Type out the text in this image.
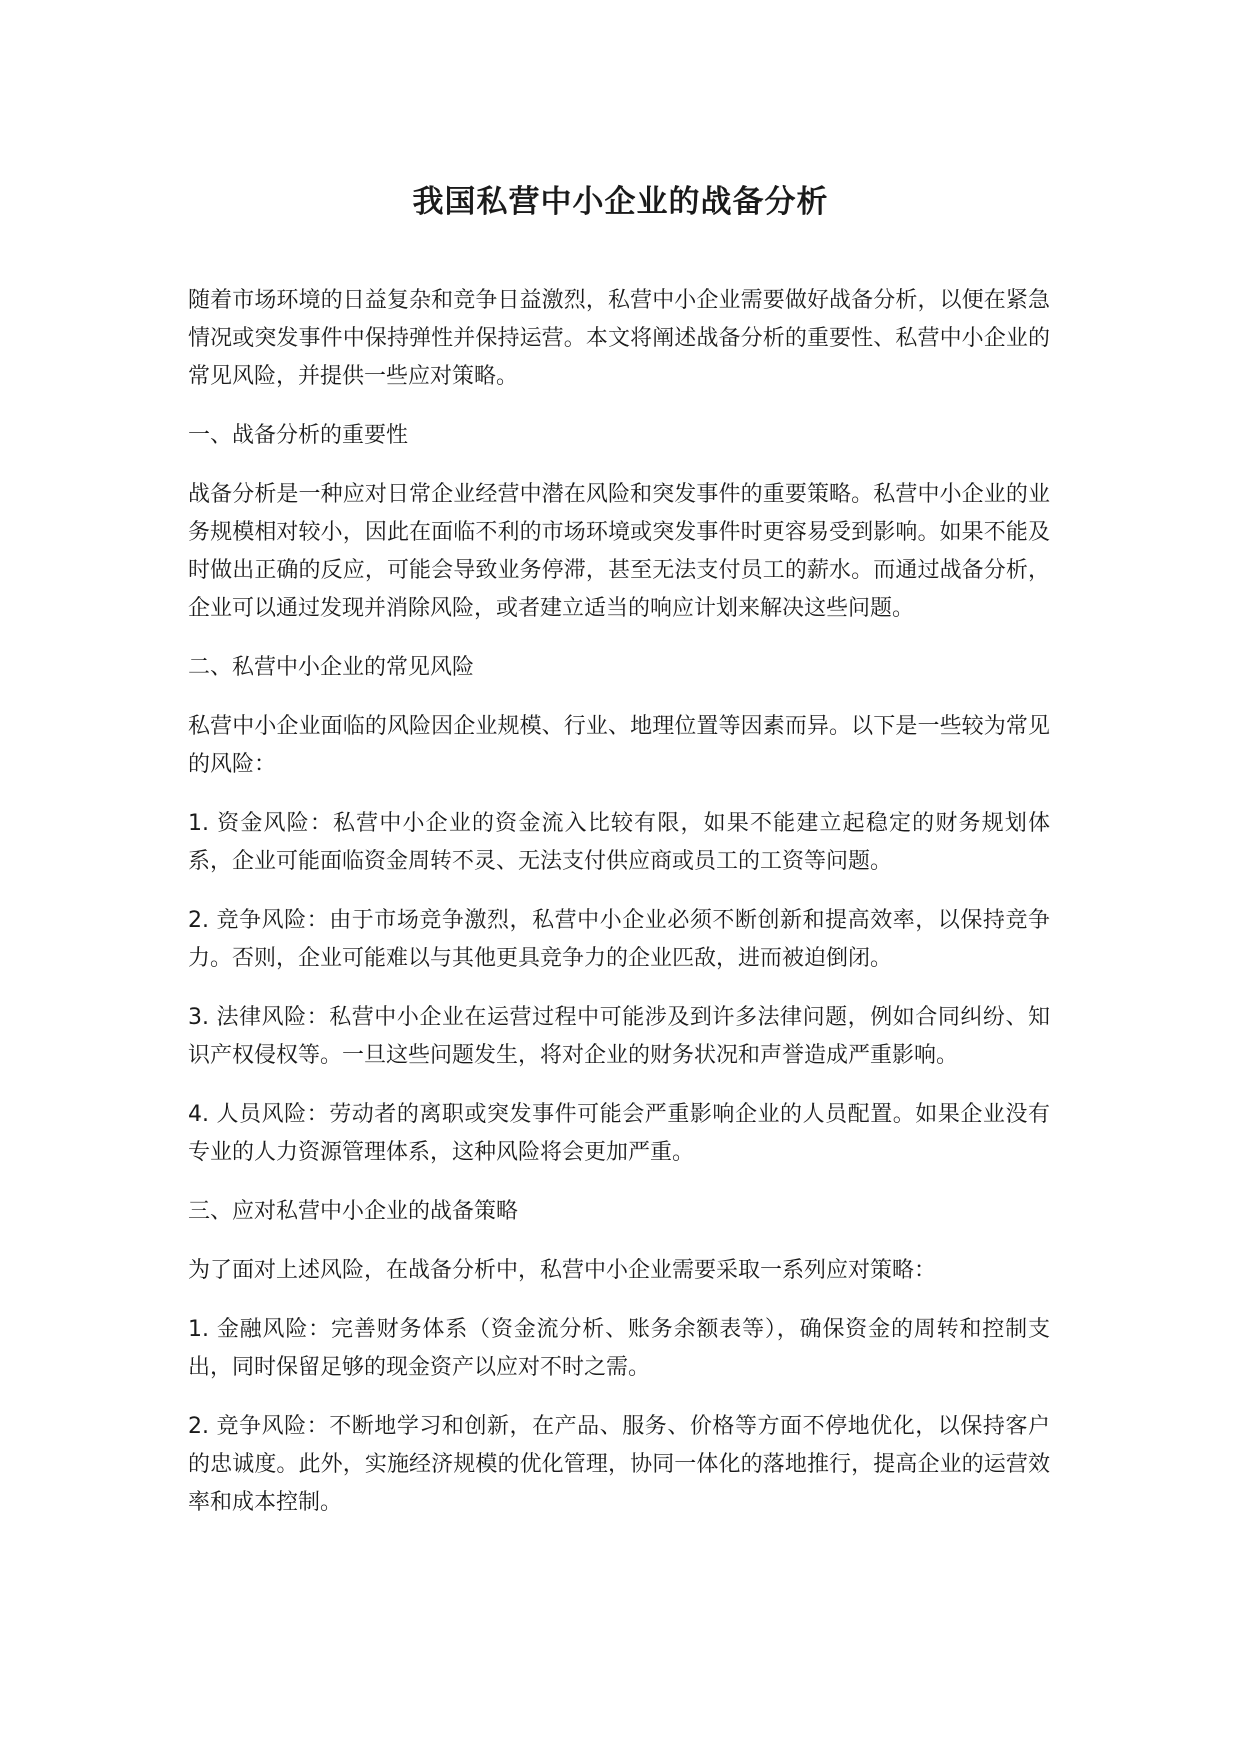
我国私营中小企业的战备分析

随着市场环境的日益复杂和竞争日益激烈，私营中小企业需要做好战备分析，以便在紧急情况或突发事件中保持弹性并保持运营。本文将阐述战备分析的重要性、私营中小企业的常见风险，并提供一些应对策略。

一、战备分析的重要性

战备分析是一种应对日常企业经营中潜在风险和突发事件的重要策略。私营中小企业的业务规模相对较小，因此在面临不利的市场环境或突发事件时更容易受到影响。如果不能及时做出正确的反应，可能会导致业务停滞，甚至无法支付员工的薪水。而通过战备分析，企业可以通过发现并消除风险，或者建立适当的响应计划来解决这些问题。

二、私营中小企业的常见风险

私营中小企业面临的风险因企业规模、行业、地理位置等因素而异。以下是一些较为常见的风险：

1. 资金风险：私营中小企业的资金流入比较有限，如果不能建立起稳定的财务规划体系，企业可能面临资金周转不灵、无法支付供应商或员工的工资等问题。

2. 竞争风险：由于市场竞争激烈，私营中小企业必须不断创新和提高效率，以保持竞争力。否则，企业可能难以与其他更具竞争力的企业匹敌，进而被迫倒闭。

3. 法律风险：私营中小企业在运营过程中可能涉及到许多法律问题，例如合同纠纷、知识产权侵权等。一旦这些问题发生，将对企业的财务状况和声誉造成严重影响。

4. 人员风险：劳动者的离职或突发事件可能会严重影响企业的人员配置。如果企业没有专业的人力资源管理体系，这种风险将会更加严重。

三、应对私营中小企业的战备策略

为了面对上述风险，在战备分析中，私营中小企业需要采取一系列应对策略：

1. 金融风险：完善财务体系（资金流分析、账务余额表等），确保资金的周转和控制支出，同时保留足够的现金资产以应对不时之需。

2. 竞争风险：不断地学习和创新，在产品、服务、价格等方面不停地优化，以保持客户的忠诚度。此外，实施经济规模的优化管理，协同一体化的落地推行，提高企业的运营效率和成本控制。
